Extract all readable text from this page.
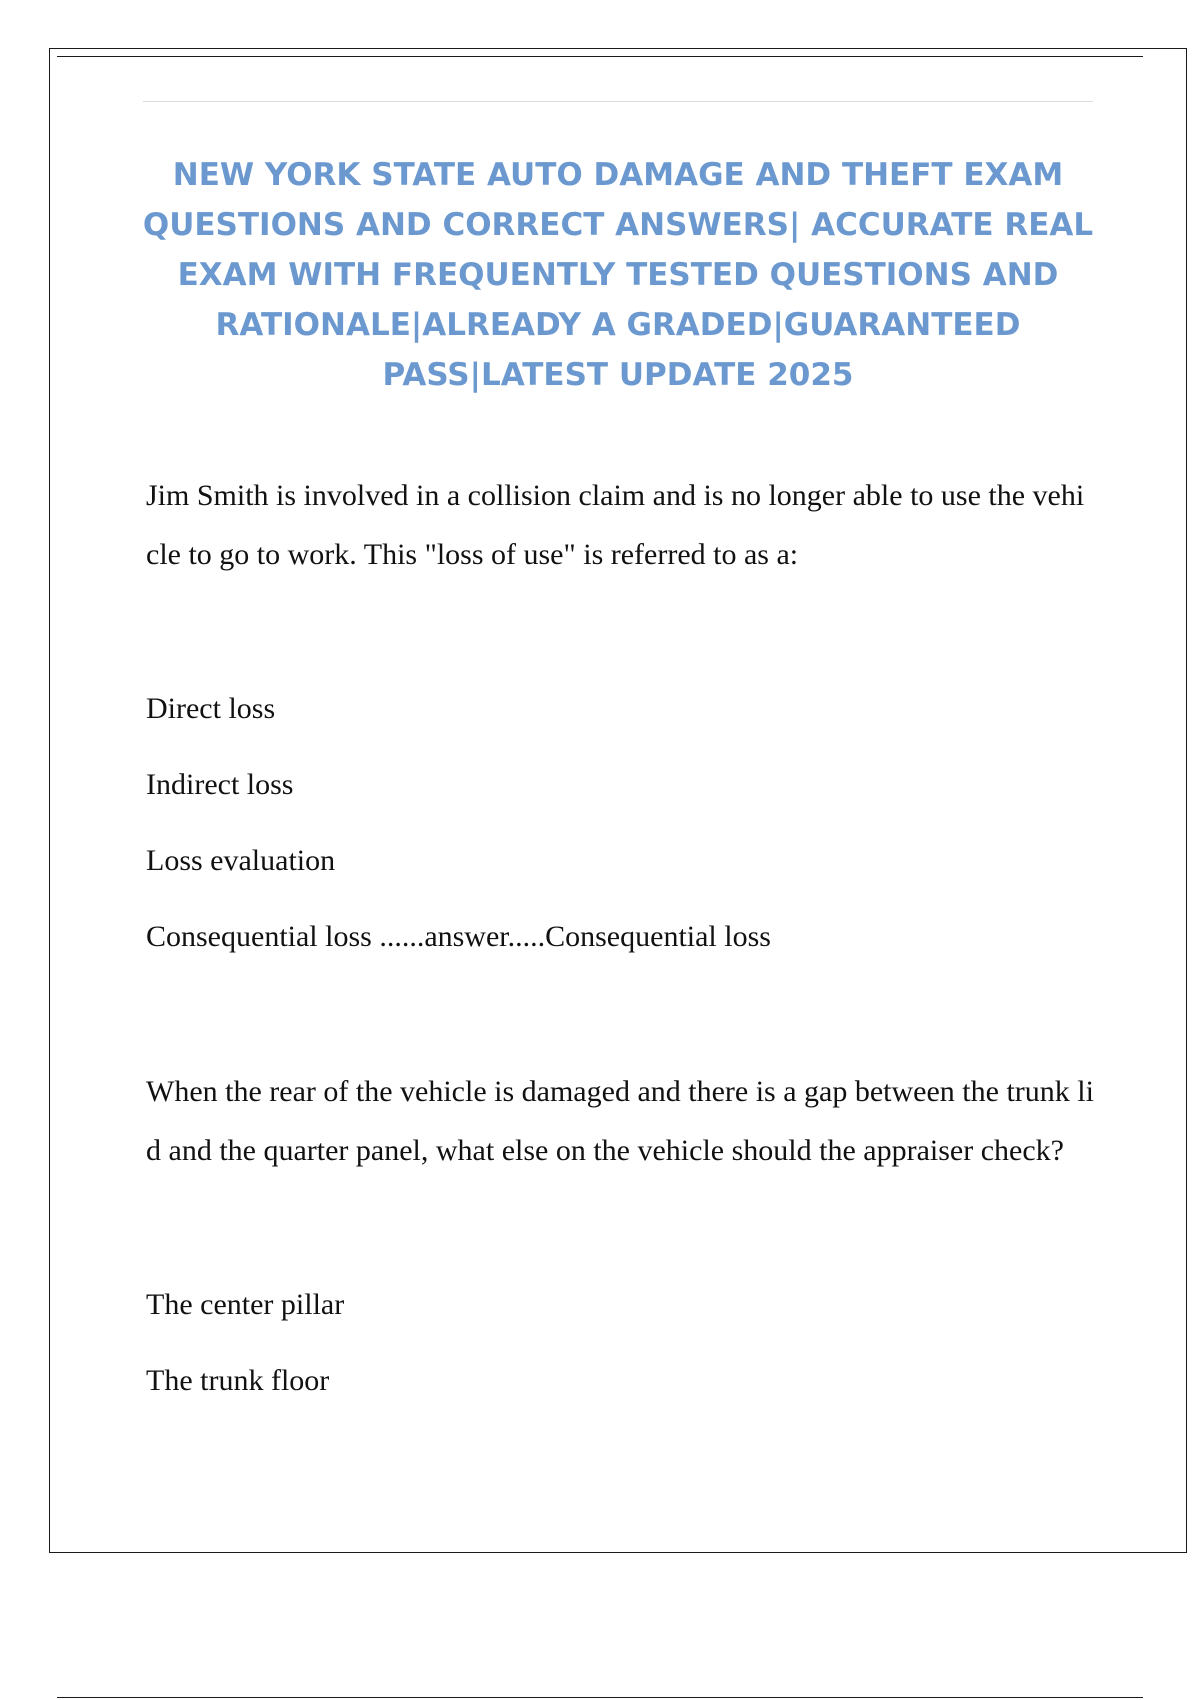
NEW YORK STATE AUTO DAMAGE AND THEFT EXAM QUESTIONS AND CORRECT ANSWERS| ACCURATE REAL EXAM WITH FREQUENTLY TESTED QUESTIONS AND RATIONALE|ALREADY A GRADED|GUARANTEED PASS|LATEST UPDATE 2025

Jim Smith is involved in a collision claim and is no longer able to use the vehicle to go to work. This "loss of use" is referred to as a:

Direct loss
Indirect loss
Loss evaluation
Consequential loss ......answer.....Consequential loss

When the rear of the vehicle is damaged and there is a gap between the trunk lid and the quarter panel, what else on the vehicle should the appraiser check?

The center pillar
The trunk floor
